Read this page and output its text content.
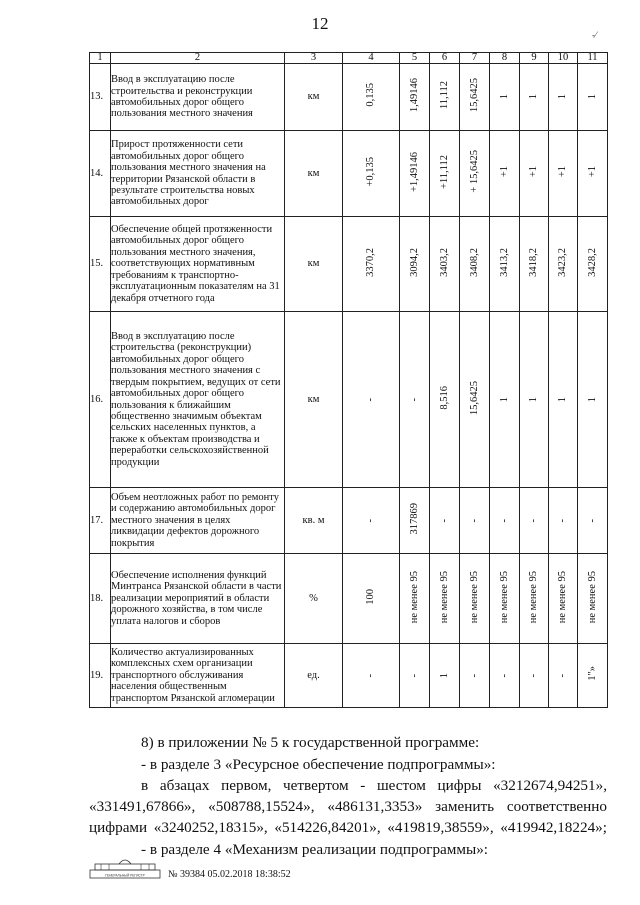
12
-⁄
1	2	3	4	5	6	7	8	9	10	11
13.	Ввод в эксплуатацию после строительства и реконструкции автомобильных дорог общего пользования местного значения	км	0,135	1,49146	11,112	15,6425	1	1	1	1
14.	Прирост протяженности сети автомобильных дорог общего пользования местного значения на территории Рязанской области в результате строительства новых автомобильных дорог	км	+0,135	+1,49146	+11,112	+ 15,6425	+1	+1	+1	+1
15.	Обеспечение общей протяженности автомобильных дорог общего пользования местного значения, соответствующих нормативным требованиям к транспортно-эксплуатационным показателям на 31 декабря отчетного года	км	3370,2	3094,2	3403,2	3408,2	3413,2	3418,2	3423,2	3428,2
16.	Ввод в эксплуатацию после строительства (реконструкции) автомобильных дорог общего пользования местного значения с твердым покрытием, ведущих от сети автомобильных дорог общего пользования к ближайшим общественно значимым объектам сельских населенных пунктов, а также к объектам производства и переработки сельскохозяйственной продукции	км	-	-	8,516	15,6425	1	1	1	1
17.	Объем неотложных работ по ремонту и содержанию автомобильных дорог местного значения в целях ликвидации дефектов дорожного покрытия	кв. м	-	317869	-	-	-	-	-	-
18.	Обеспечение исполнения функций Минтранса Рязанской области в части реализации мероприятий в области дорожного хозяйства, в том числе уплата налогов и сборов	%	100	не менее 95	не менее 95	не менее 95	не менее 95	не менее 95	не менее 95	не менее 95
19.	Количество актуализированных комплексных схем организации транспортного обслуживания населения общественным транспортом Рязанской агломерации	ед.	-	-	1	-	-	-	-	1"»
8) в приложении № 5 к государственной программе:
- в разделе 3 «Ресурсное обеспечение подпрограммы»:
в абзацах первом, четвертом - шестом цифры «3212674,94251»,
«331491,67866», «508788,15524», «486131,3353» заменить соответственно
цифрами «3240252,18315», «514226,84201», «419819,38559», «419942,18224»;
- в разделе 4 «Механизм реализации подпрограммы»:
ГЕНЕРАЛЬНЫЙ РЕГИСТР № 39384 05.02.2018 18:38:52
